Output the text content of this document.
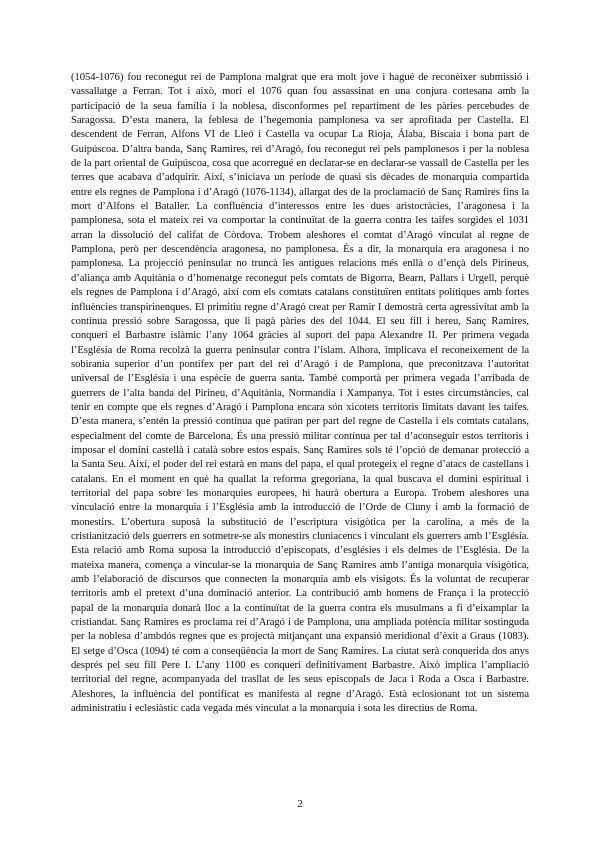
(1054-1076) fou reconegut rei de Pamplona malgrat que era molt jove i hagué de reconèixer submissió i vassallatge a Ferran. Tot i això, morí el 1076 quan fou assassinat en una conjura cortesana amb la participació de la seua família i la noblesa, disconformes pel repartiment de les pàries percebudes de Saragossa. D’esta manera, la feblesa de l’hegemonia pamplonesa va ser aprofitada per Castella. El descendent de Ferran, Alfons VI de Lleó i Castella va ocupar La Rioja, Álaba, Biscaia i bona part de Guipúscoa. D’altra banda, Sanç Ramires, rei d’Aragó, fou reconegut rei pels pamplonesos i per la noblesa de la part oriental de Guipúscoa, cosa que acorregué en declarar-se en declarar-se vassall de Castella per les terres que acabava d’adquirir. Així, s’iniciava un període de quasi sis dècades de monarquia compartida entre els regnes de Pamplona i d’Aragó (1076-1134), allargat des de la proclamació de Sanç Ramires fins la mort d’Alfons el Bataller. La confluència d’interessos entre les dues aristocràcies, l’aragonesa i la pamplonesa, sota el mateix rei va comportar la continuïtat de la guerra contra les taifes sorgides el 1031 arran la dissolució del califat de Còrdova. Trobem aleshores el comtat d’Aragó vinculat al regne de Pamplona, però per descendència aragonesa, no pamplonesa. És a dir, la monarquia era aragonesa i no pamplonesa. La projecció peninsular no truncà les antigues relacions més enllà o d’ençà dels Pirineus, d’aliança amb Aquitània o d’homenatge reconegut pels comtats de Bigorra, Bearn, Pallars i Urgell, perquè els regnes de Pamplona i d’Aragó, així com els comtats catalans constituïren entitats polítiques amb fortes influències transpirinenques. El primitiu regne d’Aragó creat per Ramir I demostrà certa agressivitat amb la contínua pressió sobre Saragossa, que li pagà pàries des del 1044. El seu fill i hereu, Sanç Ramires, conquerí el Barbastre islàmic l’any 1064 gràcies al suport del papa Alexandre II. Per primera vegada l’Església de Roma recolzà la guerra peninsular contra l’islam. Alhora, implicava el reconeixement de la sobirania superior d’un pontífex per part del rei d’Aragó i de Pamplona, que preconitzava l’autoritat universal de l’Església i una espècie de guerra santa. També comportà per primera vegada l’arribada de guerrers de l’alta banda del Pirineu, d’Aquitània, Normandia i Xampanya. Tot i estes circumstàncies, cal tenir en compte que els regnes d’Aragó i Pamplona encara són xicotets territoris limitats davant les taifes. D’esta manera, s’entén la pressió contínua que patiran per part del regne de Castella i els comtats catalans, especialment del comte de Barcelona. És una pressió militar contínua per tal d’aconseguir estos territoris i imposar el domini castellà i català sobre estos espais. Sanç Ramires sols té l’opció de demanar protecció a la Santa Seu. Així, el poder del rei estarà en mans del papa, el qual protegeix el regne d’atacs de castellans i catalans. En el moment en què ha quallat la reforma gregoriana, la qual buscava el domini espiritual i territorial del papa sobre les monarquies europees, hi haurà obertura a Europa. Trobem aleshores una vinculació entre la monarquia i l’Església amb la introducció de l’Orde de Cluny i amb la formació de monestirs. L’obertura suposà la substitució de l’escriptura visigòtica per la carolina, a més de la cristianització dels guerrers en sotmetre-se als monestirs cluniacencs i vinculant els guerrers amb l’Església. Esta relació amb Roma suposa la introducció d’episcopats, d’esglésies i els delmes de l’Església. De la mateixa manera, comença a vincular-se la monarquia de Sanç Ramires amb l’antiga monarquia visigòtica, amb l’elaboració de discursos que connecten la monarquia amb els visigots. És la voluntat de recuperar territoris amb el pretext d’una dominació anterior. La contribució amb homens de França i la protecció papal de la monarquia donarà lloc a la continuïtat de la guerra contra els musulmans a fi d’eixamplar la cristiandat. Sanç Ramires es proclama rei d’Aragó i de Pamplona, una ampliada potència militar sostinguda per la noblesa d’ambdós regnes que es projectà mitjançant una expansió meridional d’èxit a Graus (1083). El setge d’Osca (1094) té com a conseqüència la mort de Sanç Ramires. La ciutat serà conquerida dos anys després pel seu fill Pere I. L’any 1100 es conquerí definitivament Barbastre. Això implica l’ampliació territorial del regne, acompanyada del trasllat de les seus episcopals de Jaca i Roda a Osca i Barbastre. Aleshores, la influència del pontificat es manifesta al regne d’Aragó. Està eclosionant tot un sistema administratiu i eclesiàstic cada vegada més vinculat a la monarquia i sota les directius de Roma.

2
